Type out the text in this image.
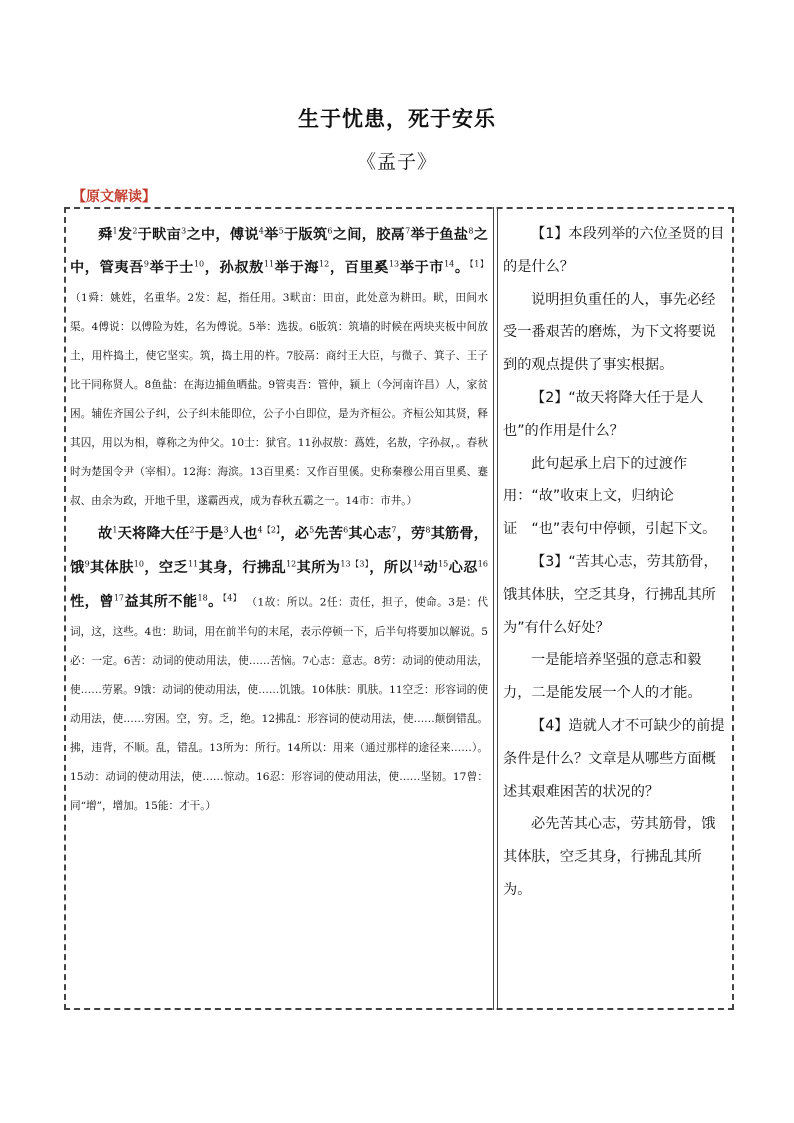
生于忧患，死于安乐
《孟子》
【原文解读】

舜$^1$发$^2$于畎亩$^3$之中，傅说$^4$举$^5$于版筑$^6$之间，胶鬲$^7$举于鱼盐$^8$之中，管夷吾$^9$举于士$^{10}$，孙叔敖$^{11}$举于海$^{12}$，百里奚$^{13}$举于市$^{14}$。$^{【1】}$ （1舜：姚姓，名重华。2发：起，指任用。3畎亩：田亩，此处意为耕田。畎，田间水渠。4傅说：以傅险为姓，名为傅说。5举：选拔。6版筑：筑墙的时候在两块夹板中间放土，用杵捣土，使它坚实。筑，捣土用的杵。7胶鬲：商纣王大臣，与微子、箕子、王子比干同称贤人。8鱼盐：在海边捕鱼晒盐。9管夷吾：管仲，颍上（今河南许昌）人，家贫困。辅佐齐国公子纠，公子纠未能即位，公子小白即位，是为齐桓公。齐桓公知其贤，释其囚，用以为相，尊称之为仲父。10士：狱官。11孙叔敖：蔿姓，名敖，字孙叔，。春秋时为楚国令尹（宰相）。12海：海滨。13百里奚：又作百里傒。史称秦穆公用百里奚、蹇叔、由余为政，开地千里，遂霸西戎，成为春秋五霸之一。14市：市井。）

故$^1$天将降大任$^2$于是$^3$人也$^{4【2】}$，必$^5$先苦$^6$其心志$^7$，劳$^8$其筋骨，饿$^9$其体肤$^{10}$，空乏$^{11}$其身，行拂乱$^{12}$其所为$^{13【3】}$，所以$^{14}$动$^{15}$心忍$^{16}$性，曾$^{17}$益其所不能$^{18}$。$^{【4】}$ （1故：所以。2任：责任，担子，使命。3是：代词，这，这些。4也：助词，用在前半句的末尾，表示停顿一下，后半句将要加以解说。5必：一定。6苦：动词的使动用法，使……苦恼。7心志：意志。8劳：动词的使动用法，使……劳累。9饿：动词的使动用法，使……饥饿。10体肤：肌肤。11空乏：形容词的使动用法，使……穷困。空，穷。乏，绝。12拂乱：形容词的使动用法，使……颠倒错乱。拂，违背，不顺。乱，错乱。13所为：所行。14所以：用来（通过那样的途径来……）。15动：动词的使动用法，使……惊动。16忍：形容词的使动用法，使……坚韧。17曾：同“增”，增加。15能：才干。）

【1】本段列举的六位圣贤的目的是什么？

说明担负重任的人，事先必经受一番艰苦的磨炼，为下文将要说到的观点提供了事实根据。

【2】“故天将降大任于是人也”的作用是什么？

此句起承上启下的过渡作用：“故”收束上文，归纳论证　“也”表句中停顿，引起下文。

【3】“苦其心志，劳其筋骨，饿其体肤，空乏其身，行拂乱其所为”有什么好处？

一是能培养坚强的意志和毅力，二是能发展一个人的才能。

【4】造就人才不可缺少的前提条件是什么？文章是从哪些方面概述其艰难困苦的状况的？

必先苦其心志，劳其筋骨，饿其体肤，空乏其身，行拂乱其所为。
